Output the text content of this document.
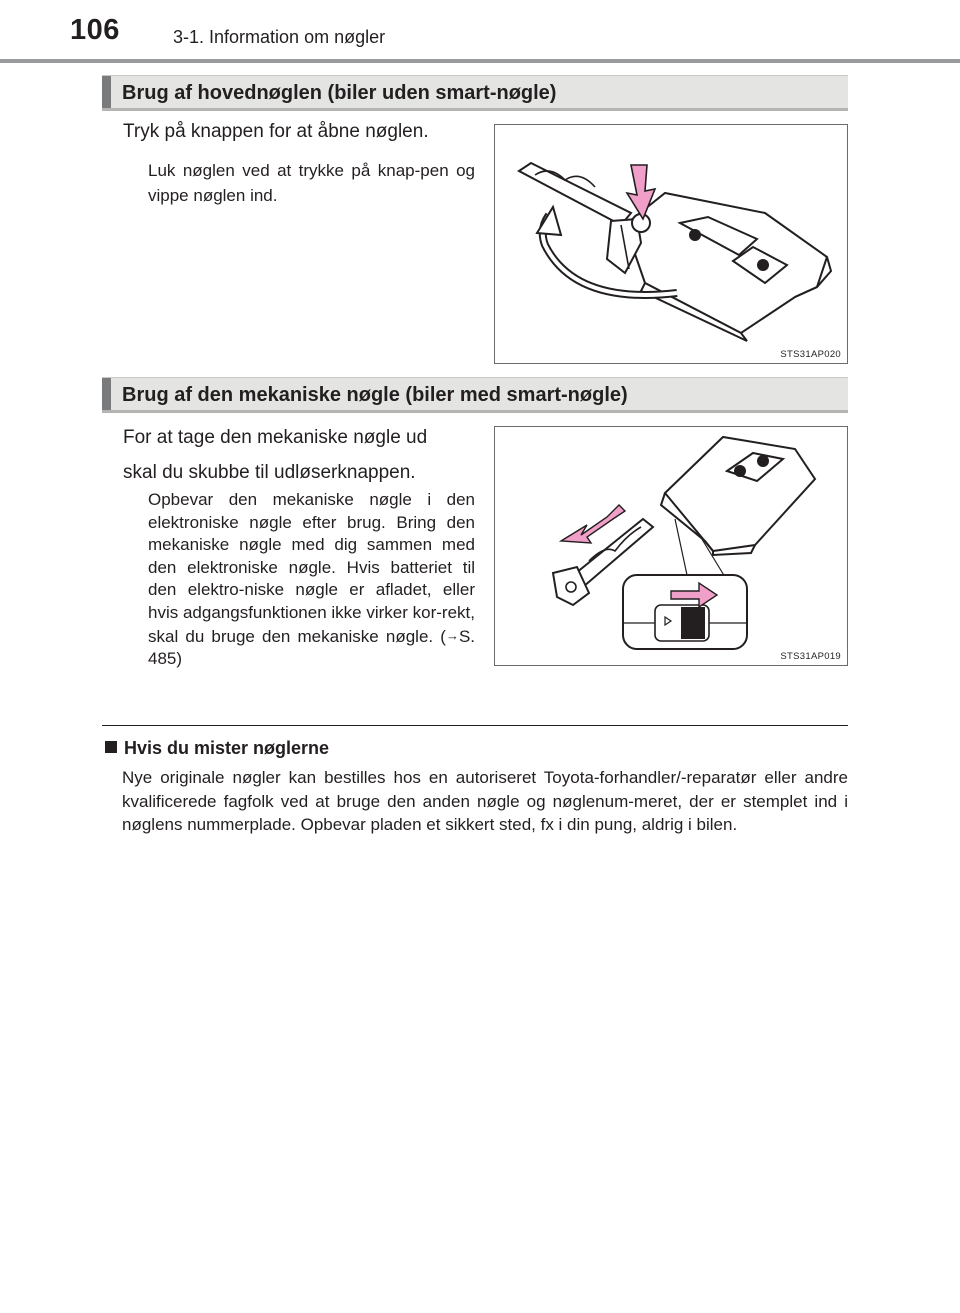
106	3-1. Information om nøgler
Brug af hovednøglen (biler uden smart-nøgle)
Tryk på knappen for at åbne nøglen.
Luk nøglen ved at trykke på knap-pen og vippe nøglen ind.
STS31AP020
Brug af den mekaniske nøgle (biler med smart-nøgle)
For at tage den mekaniske nøgle ud
skal du skubbe til udløserknappen.
Opbevar den mekaniske nøgle i den elektroniske nøgle efter brug. Bring den mekaniske nøgle med dig sammen med den elektroniske nøgle. Hvis batteriet til den elektro-niske nøgle er afladet, eller hvis adgangsfunktionen ikke virker kor-rekt, skal du bruge den mekaniske nøgle. (→S. 485)	STS31AP019
Hvis du mister nøglerne
Nye originale nøgler kan bestilles hos en autoriseret Toyota-forhandler/-reparatør eller andre kvalificerede fagfolk ved at bruge den anden nøgle og nøglenum-meret, der er stemplet ind i nøglens nummerplade. Opbevar pladen et sikkert sted, fx i din pung, aldrig i bilen.
